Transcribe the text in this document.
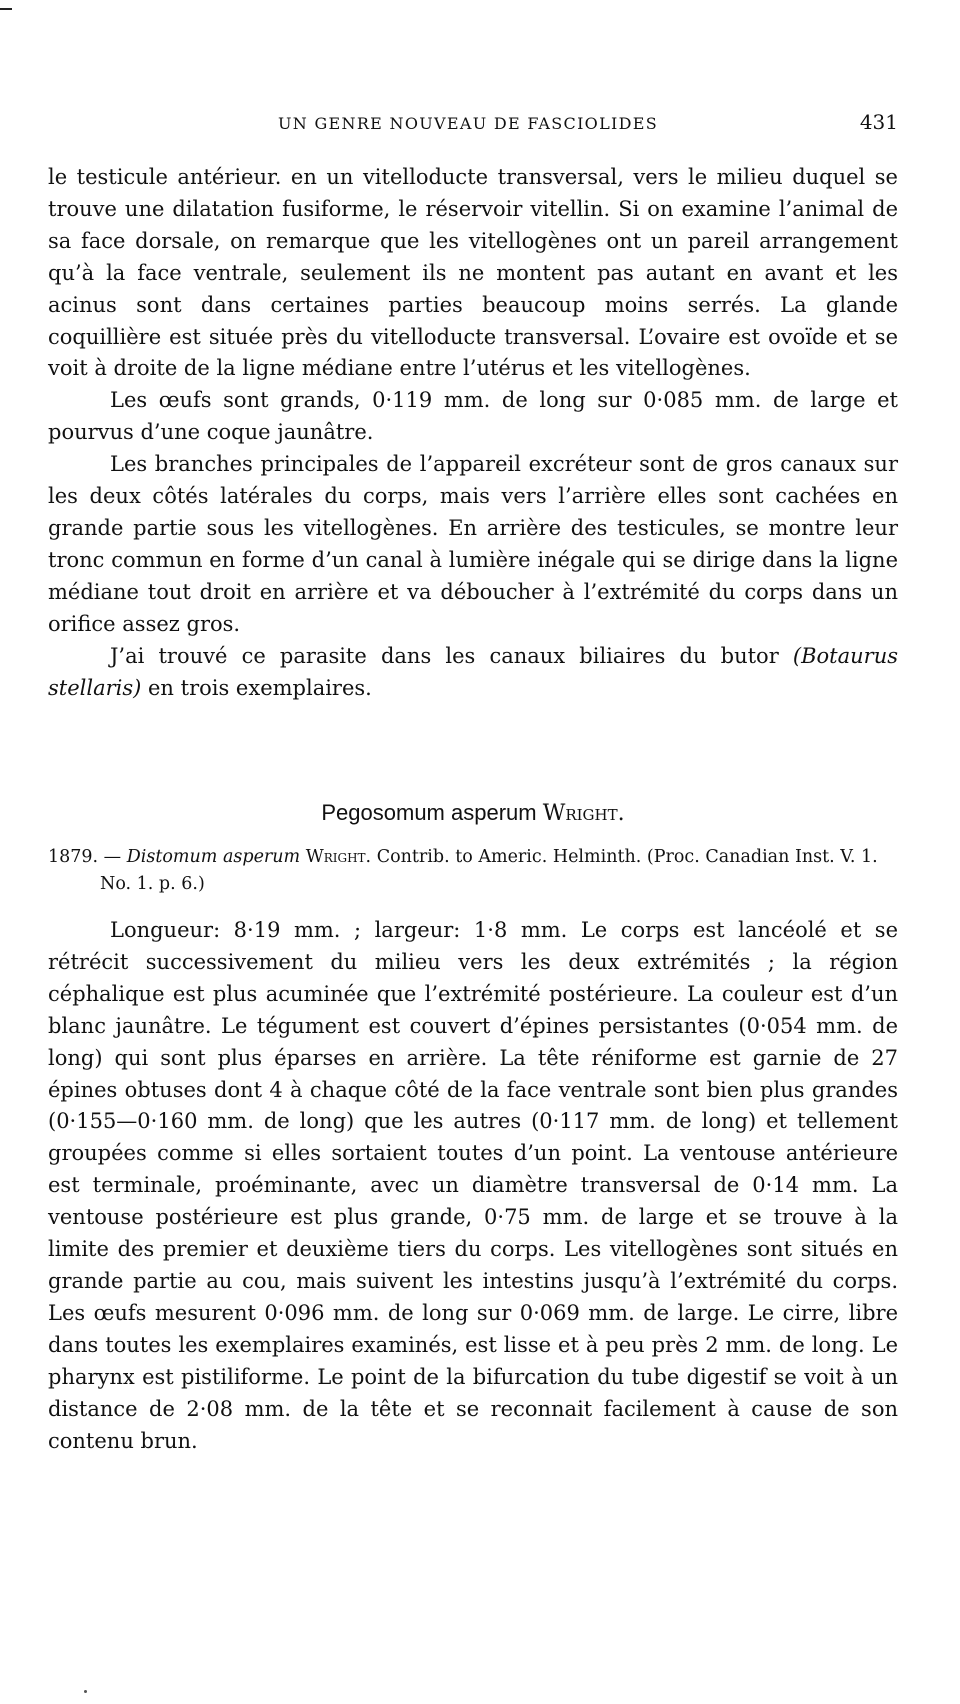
UN GENRE NOUVEAU DE FASCIOLIDES	431

le testicule antérieur. en un vitelloducte transversal, vers le milieu duquel se trouve une dilatation fusiforme, le réservoir vitellin. Si on examine l’animal de sa face dorsale, on remarque que les vitellogènes ont un pareil arrangement qu’à la face ventrale, seulement ils ne montent pas autant en avant et les acinus sont dans certaines parties beaucoup moins serrés. La glande coquillière est située près du vitelloducte transversal. L’ovaire est ovoïde et se voit à droite de la ligne médiane entre l’utérus et les vitellogènes.

Les œufs sont grands, 0·119 mm. de long sur 0·085 mm. de large et pourvus d’une coque jaunâtre.

Les branches principales de l’appareil excréteur sont de gros canaux sur les deux côtés latérales du corps, mais vers l’arrière elles sont cachées en grande partie sous les vitellogènes. En arrière des testicules, se montre leur tronc commun en forme d’un canal à lumière inégale qui se dirige dans la ligne médiane tout droit en arrière et va déboucher à l’extrémité du corps dans un orifice assez gros.

J’ai trouvé ce parasite dans les canaux biliaires du butor (Botaurus stellaris) en trois exemplaires.

Pegosomum asperum Wright.
1879. — Distomum asperum Wright. Contrib. to Americ. Helminth. (Proc. Canadian Inst. V. 1. No. 1. p. 6.)

Longueur: 8·19 mm. ; largeur: 1·8 mm. Le corps est lancéolé et se rétrécit successivement du milieu vers les deux extrémités ; la région céphalique est plus acuminée que l’extrémité postérieure. La couleur est d’un blanc jaunâtre. Le tégument est couvert d’épines persistantes (0·054 mm. de long) qui sont plus éparses en arrière. La tête réniforme est garnie de 27 épines obtuses dont 4 à chaque côté de la face ventrale sont bien plus grandes (0·155—0·160 mm. de long) que les autres (0·117 mm. de long) et tellement groupées comme si elles sortaient toutes d’un point. La ventouse antérieure est terminale, proéminante, avec un diamètre transversal de 0·14 mm. La ventouse postérieure est plus grande, 0·75 mm. de large et se trouve à la limite des premier et deuxième tiers du corps. Les vitellogènes sont situés en grande partie au cou, mais suivent les intestins jusqu’à l’extrémité du corps. Les œufs mesurent 0·096 mm. de long sur 0·069 mm. de large. Le cirre, libre dans toutes les exemplaires examinés, est lisse et à peu près 2 mm. de long. Le pharynx est pistiliforme. Le point de la bifurcation du tube digestif se voit à un distance de 2·08 mm. de la tête et se reconnait facilement à cause de son contenu brun.
